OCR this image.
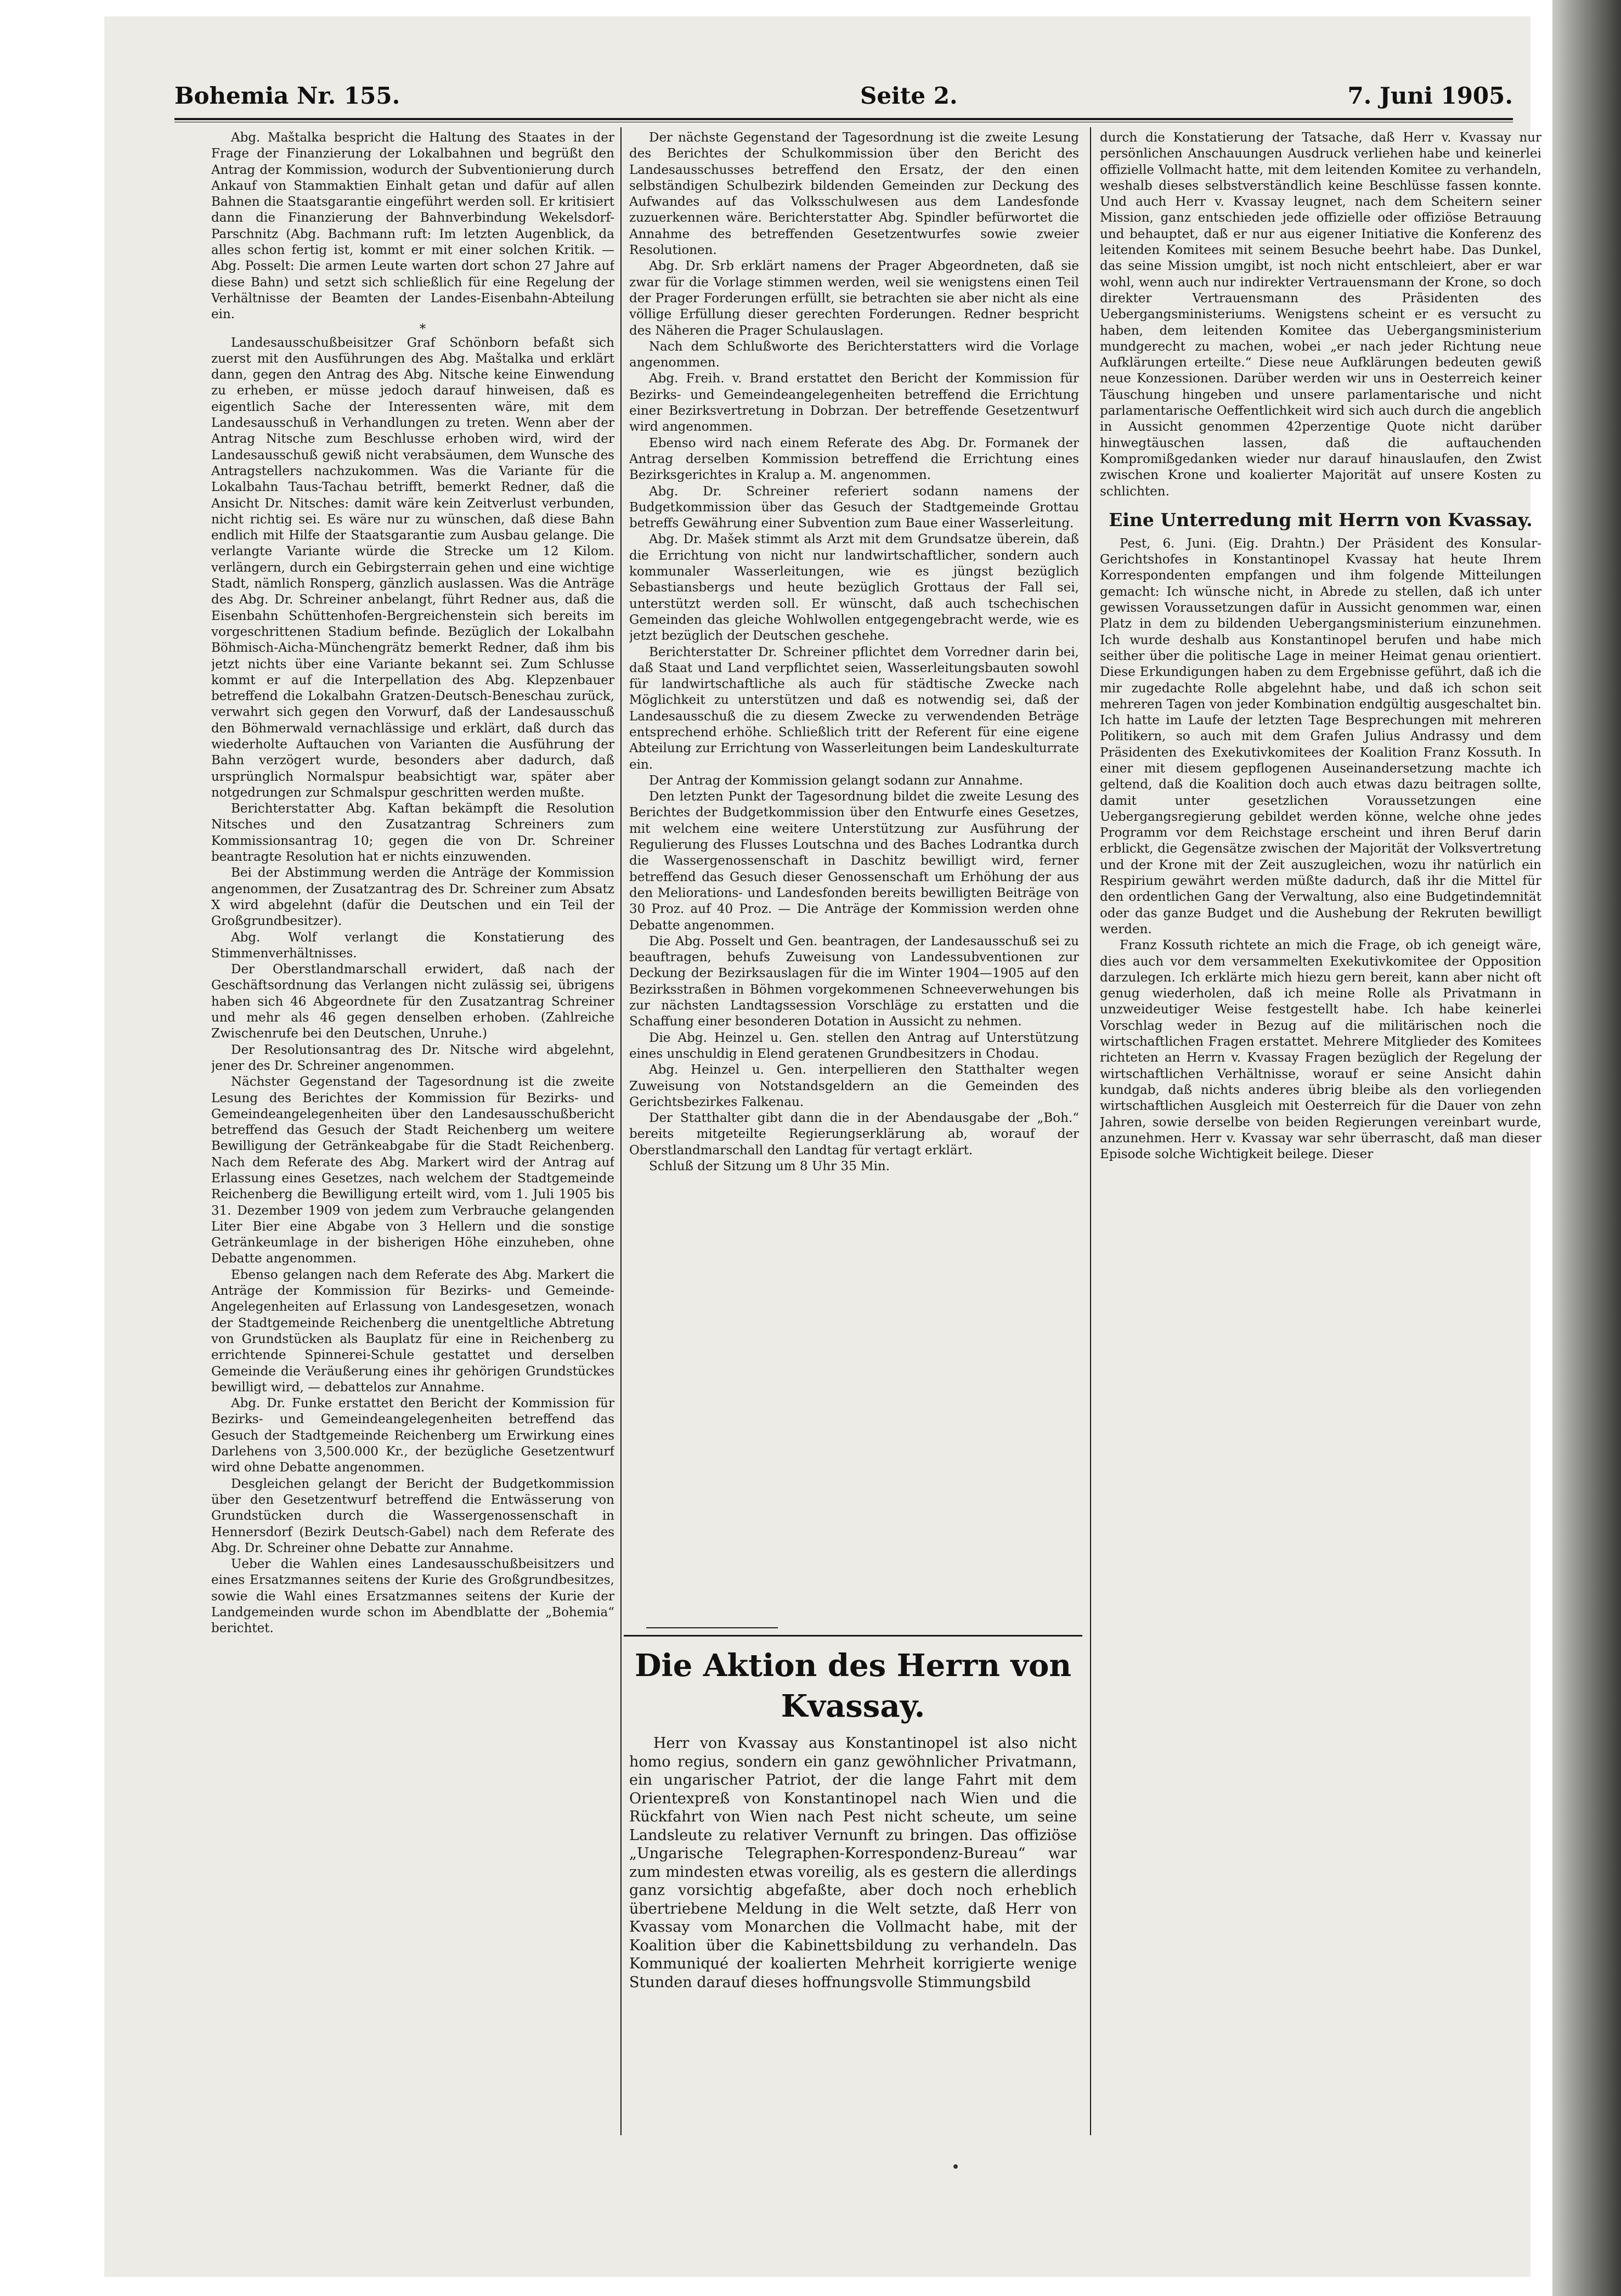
Bohemia Nr. 155.	Seite 2.	7. Juni 1905.

Abg. Maštalka bespricht die Haltung des Staates in der Frage der Finanzierung der Lokalbahnen und begrüßt den Antrag der Kommission, wodurch der Subventionierung durch Ankauf von Stammaktien Einhalt getan und dafür auf allen Bahnen die Staatsgarantie eingeführt werden soll. Er kritisiert dann die Finanzierung der Bahnverbindung Wekelsdorf-Parschnitz (Abg. Bachmann ruft: Im letzten Augenblick, da alles schon fertig ist, kommt er mit einer solchen Kritik. — Abg. Posselt: Die armen Leute warten dort schon 27 Jahre auf diese Bahn) und setzt sich schließlich für eine Regelung der Verhältnisse der Beamten der Landes-Eisenbahn-Abteilung ein.

*

Landesausschußbeisitzer Graf Schönborn befaßt sich zuerst mit den Ausführungen des Abg. Maštalka und erklärt dann, gegen den Antrag des Abg. Nitsche keine Einwendung zu erheben, er müsse jedoch darauf hinweisen, daß es eigentlich Sache der Interessenten wäre, mit dem Landesausschuß in Verhandlungen zu treten. Wenn aber der Antrag Nitsche zum Beschlusse erhoben wird, wird der Landesausschuß gewiß nicht verabsäumen, dem Wunsche des Antragstellers nachzukommen. Was die Variante für die Lokalbahn Taus-Tachau betrifft, bemerkt Redner, daß die Ansicht Dr. Nitsches: damit wäre kein Zeitverlust verbunden, nicht richtig sei. Es wäre nur zu wünschen, daß diese Bahn endlich mit Hilfe der Staatsgarantie zum Ausbau gelange. Die verlangte Variante würde die Strecke um 12 Kilom. verlängern, durch ein Gebirgsterrain gehen und eine wichtige Stadt, nämlich Ronsperg, gänzlich auslassen. Was die Anträge des Abg. Dr. Schreiner anbelangt, führt Redner aus, daß die Eisenbahn Schüttenhofen-Bergreichenstein sich bereits im vorgeschrittenen Stadium befinde. Bezüglich der Lokalbahn Böhmisch-Aicha-Münchengrätz bemerkt Redner, daß ihm bis jetzt nichts über eine Variante bekannt sei. Zum Schlusse kommt er auf die Interpellation des Abg. Klepzenbauer betreffend die Lokalbahn Gratzen-Deutsch-Beneschau zurück, verwahrt sich gegen den Vorwurf, daß der Landesausschuß den Böhmerwald vernachlässige und erklärt, daß durch das wiederholte Auftauchen von Varianten die Ausführung der Bahn verzögert wurde, besonders aber dadurch, daß ursprünglich Normalspur beabsichtigt war, später aber notgedrungen zur Schmalspur geschritten werden mußte.

Berichterstatter Abg. Kaftan bekämpft die Resolution Nitsches und den Zusatzantrag Schreiners zum Kommissionsantrag 10; gegen die von Dr. Schreiner beantragte Resolution hat er nichts einzuwenden.

Bei der Abstimmung werden die Anträge der Kommission angenommen, der Zusatzantrag des Dr. Schreiner zum Absatz X wird abgelehnt (dafür die Deutschen und ein Teil der Großgrundbesitzer).

Abg. Wolf verlangt die Konstatierung des Stimmenverhältnisses.

Der Oberstlandmarschall erwidert, daß nach der Geschäftsordnung das Verlangen nicht zulässig sei, übrigens haben sich 46 Abgeordnete für den Zusatzantrag Schreiner und mehr als 46 gegen denselben erhoben. (Zahlreiche Zwischenrufe bei den Deutschen, Unruhe.)

Der Resolutionsantrag des Dr. Nitsche wird abgelehnt, jener des Dr. Schreiner angenommen.

Nächster Gegenstand der Tagesordnung ist die zweite Lesung des Berichtes der Kommission für Bezirks- und Gemeindeangelegenheiten über den Landesausschußbericht betreffend das Gesuch der Stadt Reichenberg um weitere Bewilligung der Getränkeabgabe für die Stadt Reichenberg. Nach dem Referate des Abg. Markert wird der Antrag auf Erlassung eines Gesetzes, nach welchem der Stadtgemeinde Reichenberg die Bewilligung erteilt wird, vom 1. Juli 1905 bis 31. Dezember 1909 von jedem zum Verbrauche gelangenden Liter Bier eine Abgabe von 3 Hellern und die sonstige Getränkeumlage in der bisherigen Höhe einzuheben, ohne Debatte angenommen.

Ebenso gelangen nach dem Referate des Abg. Markert die Anträge der Kommission für Bezirks- und Gemeinde-Angelegenheiten auf Erlassung von Landesgesetzen, wonach der Stadtgemeinde Reichenberg die unentgeltliche Abtretung von Grundstücken als Bauplatz für eine in Reichenberg zu errichtende Spinnerei-Schule gestattet und derselben Gemeinde die Veräußerung eines ihr gehörigen Grundstückes bewilligt wird, — debattelos zur Annahme.

Abg. Dr. Funke erstattet den Bericht der Kommission für Bezirks- und Gemeindeangelegenheiten betreffend das Gesuch der Stadtgemeinde Reichenberg um Erwirkung eines Darlehens von 3,500.000 Kr., der bezügliche Gesetzentwurf wird ohne Debatte angenommen.

Desgleichen gelangt der Bericht der Budgetkommission über den Gesetzentwurf betreffend die Entwässerung von Grundstücken durch die Wassergenossenschaft in Hennersdorf (Bezirk Deutsch-Gabel) nach dem Referate des Abg. Dr. Schreiner ohne Debatte zur Annahme.

Ueber die Wahlen eines Landesausschußbeisitzers und eines Ersatzmannes seitens der Kurie des Großgrundbesitzes, sowie die Wahl eines Ersatzmannes seitens der Kurie der Landgemeinden wurde schon im Abendblatte der „Bohemia“ berichtet.

Der nächste Gegenstand der Tagesordnung ist die zweite Lesung des Berichtes der Schulkommission über den Bericht des Landesausschusses betreffend den Ersatz, der den einen selbständigen Schulbezirk bildenden Gemeinden zur Deckung des Aufwandes auf das Volksschulwesen aus dem Landesfonde zuzuerkennen wäre. Berichterstatter Abg. Spindler befürwortet die Annahme des betreffenden Gesetzentwurfes sowie zweier Resolutionen.

Abg. Dr. Srb erklärt namens der Prager Abgeordneten, daß sie zwar für die Vorlage stimmen werden, weil sie wenigstens einen Teil der Prager Forderungen erfüllt, sie betrachten sie aber nicht als eine völlige Erfüllung dieser gerechten Forderungen. Redner bespricht des Näheren die Prager Schulauslagen.

Nach dem Schlußworte des Berichterstatters wird die Vorlage angenommen.

Abg. Freih. v. Brand erstattet den Bericht der Kommission für Bezirks- und Gemeindeangelegenheiten betreffend die Errichtung einer Bezirksvertretung in Dobrzan. Der betreffende Gesetzentwurf wird angenommen.

Ebenso wird nach einem Referate des Abg. Dr. Formanek der Antrag derselben Kommission betreffend die Errichtung eines Bezirksgerichtes in Kralup a. M. angenommen.

Abg. Dr. Schreiner referiert sodann namens der Budgetkommission über das Gesuch der Stadtgemeinde Grottau betreffs Gewährung einer Subvention zum Baue einer Wasserleitung.

Abg. Dr. Mašek stimmt als Arzt mit dem Grundsatze überein, daß die Errichtung von nicht nur landwirtschaftlicher, sondern auch kommunaler Wasserleitungen, wie es jüngst bezüglich Sebastiansbergs und heute bezüglich Grottaus der Fall sei, unterstützt werden soll. Er wünscht, daß auch tschechischen Gemeinden das gleiche Wohlwollen entgegengebracht werde, wie es jetzt bezüglich der Deutschen geschehe.

Berichterstatter Dr. Schreiner pflichtet dem Vorredner darin bei, daß Staat und Land verpflichtet seien, Wasserleitungsbauten sowohl für landwirtschaftliche als auch für städtische Zwecke nach Möglichkeit zu unterstützen und daß es notwendig sei, daß der Landesausschuß die zu diesem Zwecke zu verwendenden Beträge entsprechend erhöhe. Schließlich tritt der Referent für eine eigene Abteilung zur Errichtung von Wasserleitungen beim Landeskulturrate ein.

Der Antrag der Kommission gelangt sodann zur Annahme.

Den letzten Punkt der Tagesordnung bildet die zweite Lesung des Berichtes der Budgetkommission über den Entwurfe eines Gesetzes, mit welchem eine weitere Unterstützung zur Ausführung der Regulierung des Flusses Loutschna und des Baches Lodrantka durch die Wassergenossenschaft in Daschitz bewilligt wird, ferner betreffend das Gesuch dieser Genossenschaft um Erhöhung der aus den Meliorations- und Landesfonden bereits bewilligten Beiträge von 30 Proz. auf 40 Proz. — Die Anträge der Kommission werden ohne Debatte angenommen.

Die Abg. Posselt und Gen. beantragen, der Landesausschuß sei zu beauftragen, behufs Zuweisung von Landessubventionen zur Deckung der Bezirksauslagen für die im Winter 1904—1905 auf den Bezirksstraßen in Böhmen vorgekommenen Schneeverwehungen bis zur nächsten Landtagssession Vorschläge zu erstatten und die Schaffung einer besonderen Dotation in Aussicht zu nehmen.

Die Abg. Heinzel u. Gen. stellen den Antrag auf Unterstützung eines unschuldig in Elend geratenen Grundbesitzers in Chodau.

Abg. Heinzel u. Gen. interpellieren den Statthalter wegen Zuweisung von Notstandsgeldern an die Gemeinden des Gerichtsbezirkes Falkenau.

Der Statthalter gibt dann die in der Abendausgabe der „Boh.“ bereits mitgeteilte Regierungserklärung ab, worauf der Oberstlandmarschall den Landtag für vertagt erklärt.

Schluß der Sitzung um 8 Uhr 35 Min.

Die Aktion des Herrn von Kvassay.

Herr von Kvassay aus Konstantinopel ist also nicht homo regius, sondern ein ganz gewöhnlicher Privatmann, ein ungarischer Patriot, der die lange Fahrt mit dem Orientexpreß von Konstantinopel nach Wien und die Rückfahrt von Wien nach Pest nicht scheute, um seine Landsleute zu relativer Vernunft zu bringen. Das offiziöse „Ungarische Telegraphen-Korrespondenz-Bureau“ war zum mindesten etwas voreilig, als es gestern die allerdings ganz vorsichtig abgefaßte, aber doch noch erheblich übertriebene Meldung in die Welt setzte, daß Herr von Kvassay vom Monarchen die Vollmacht habe, mit der Koalition über die Kabinettsbildung zu verhandeln. Das Kommuniqué der koalierten Mehrheit korrigierte wenige Stunden darauf dieses hoffnungsvolle Stimmungsbild

durch die Konstatierung der Tatsache, daß Herr v. Kvassay nur persönlichen Anschauungen Ausdruck verliehen habe und keinerlei offizielle Vollmacht hatte, mit dem leitenden Komitee zu verhandeln, weshalb dieses selbstverständlich keine Beschlüsse fassen konnte. Und auch Herr v. Kvassay leugnet, nach dem Scheitern seiner Mission, ganz entschieden jede offizielle oder offiziöse Betrauung und behauptet, daß er nur aus eigener Initiative die Konferenz des leitenden Komitees mit seinem Besuche beehrt habe. Das Dunkel, das seine Mission umgibt, ist noch nicht entschleiert, aber er war wohl, wenn auch nur indirekter Vertrauensmann der Krone, so doch direkter Vertrauensmann des Präsidenten des Uebergangsministeriums. Wenigstens scheint er es versucht zu haben, dem leitenden Komitee das Uebergangsministerium mundgerecht zu machen, wobei „er nach jeder Richtung neue Aufklärungen erteilte.“ Diese neue Aufklärungen bedeuten gewiß neue Konzessionen. Darüber werden wir uns in Oesterreich keiner Täuschung hingeben und unsere parlamentarische und nicht parlamentarische Oeffentlichkeit wird sich auch durch die angeblich in Aussicht genommen 42perzentige Quote nicht darüber hinwegtäuschen lassen, daß die auftauchenden Kompromißgedanken wieder nur darauf hinauslaufen, den Zwist zwischen Krone und koalierter Majorität auf unsere Kosten zu schlichten.

Eine Unterredung mit Herrn von Kvassay.

Pest, 6. Juni. (Eig. Drahtn.) Der Präsident des Konsular-Gerichtshofes in Konstantinopel Kvassay hat heute Ihrem Korrespondenten empfangen und ihm folgende Mitteilungen gemacht: Ich wünsche nicht, in Abrede zu stellen, daß ich unter gewissen Voraussetzungen dafür in Aussicht genommen war, einen Platz in dem zu bildenden Uebergangsministerium einzunehmen. Ich wurde deshalb aus Konstantinopel berufen und habe mich seither über die politische Lage in meiner Heimat genau orientiert. Diese Erkundigungen haben zu dem Ergebnisse geführt, daß ich die mir zugedachte Rolle abgelehnt habe, und daß ich schon seit mehreren Tagen von jeder Kombination endgültig ausgeschaltet bin. Ich hatte im Laufe der letzten Tage Besprechungen mit mehreren Politikern, so auch mit dem Grafen Julius Andrassy und dem Präsidenten des Exekutivkomitees der Koalition Franz Kossuth. In einer mit diesem gepflogenen Auseinandersetzung machte ich geltend, daß die Koalition doch auch etwas dazu beitragen sollte, damit unter gesetzlichen Voraussetzungen eine Uebergangsregierung gebildet werden könne, welche ohne jedes Programm vor dem Reichstage erscheint und ihren Beruf darin erblickt, die Gegensätze zwischen der Majorität der Volksvertretung und der Krone mit der Zeit auszugleichen, wozu ihr natürlich ein Respirium gewährt werden müßte dadurch, daß ihr die Mittel für den ordentlichen Gang der Verwaltung, also eine Budgetindemnität oder das ganze Budget und die Aushebung der Rekruten bewilligt werden.

Franz Kossuth richtete an mich die Frage, ob ich geneigt wäre, dies auch vor dem versammelten Exekutivkomitee der Opposition darzulegen. Ich erklärte mich hiezu gern bereit, kann aber nicht oft genug wiederholen, daß ich meine Rolle als Privatmann in unzweideutiger Weise festgestellt habe. Ich habe keinerlei Vorschlag weder in Bezug auf die militärischen noch die wirtschaftlichen Fragen erstattet. Mehrere Mitglieder des Komitees richteten an Herrn v. Kvassay Fragen bezüglich der Regelung der wirtschaftlichen Verhältnisse, worauf er seine Ansicht dahin kundgab, daß nichts anderes übrig bleibe als den vorliegenden wirtschaftlichen Ausgleich mit Oesterreich für die Dauer von zehn Jahren, sowie derselbe von beiden Regierungen vereinbart wurde, anzunehmen. Herr v. Kvassay war sehr überrascht, daß man dieser Episode solche Wichtigkeit beilege. Dieser
